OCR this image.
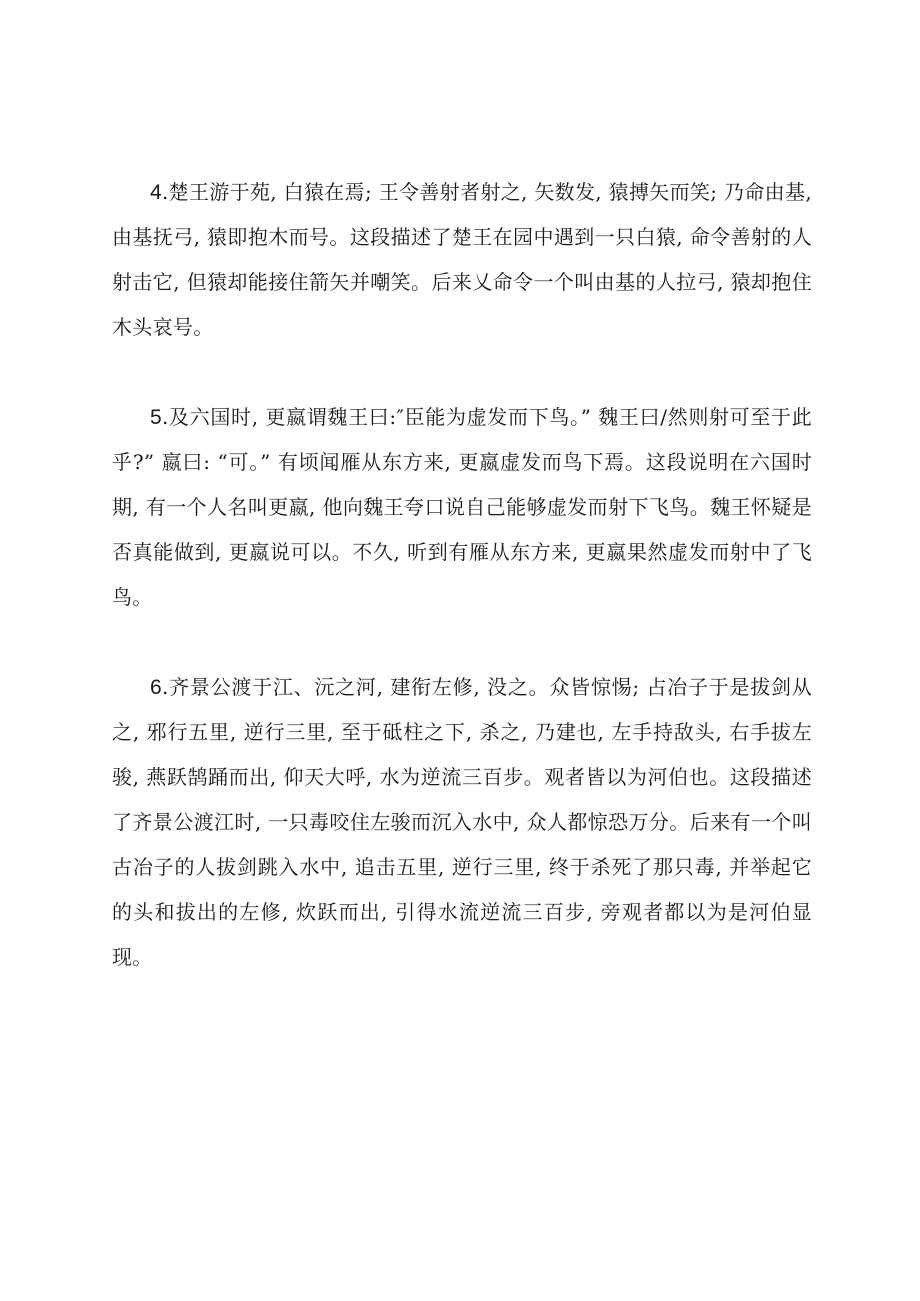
4.楚王游于苑, 白猿在焉; 王令善射者射之, 矢数发, 猿搏矢而笑; 乃命由基, 由基抚弓, 猿即抱木而号。这段描述了楚王在园中遇到一只白猿, 命令善射的人射击它, 但猿却能接住箭矢并嘲笑。后来乂命令一个叫由基的人拉弓, 猿却抱住木头哀号。

5.及六国时, 更嬴谓魏王曰:″臣能为虚发而下鸟。” 魏王曰/然则射可至于此乎?” 嬴曰: “可。” 有顷闻雁从东方来, 更嬴虚发而鸟下焉。这段说明在六国时期, 有一个人名叫更嬴, 他向魏王夸口说自己能够虚发而射下飞鸟。魏王怀疑是否真能做到, 更嬴说可以。不久, 听到有雁从东方来, 更嬴果然虚发而射中了飞鸟。

6.齐景公渡于江、沅之河, 建衔左修, 没之。众皆惊惕; 占冶子于是拔剑从之, 邪行五里, 逆行三里, 至于砥柱之下, 杀之, 乃建也, 左手持敌头, 右手拔左骏, 燕跃鹄踊而出, 仰天大呼, 水为逆流三百步。观者皆以为河伯也。这段描述了齐景公渡江时, 一只毒咬住左骏而沉入水中, 众人都惊恐万分。后来有一个叫古冶子的人拔剑跳入水中, 追击五里, 逆行三里, 终于杀死了那只毒, 并举起它的头和拔出的左修, 炊跃而出, 引得水流逆流三百步, 旁观者都以为是河伯显现。
